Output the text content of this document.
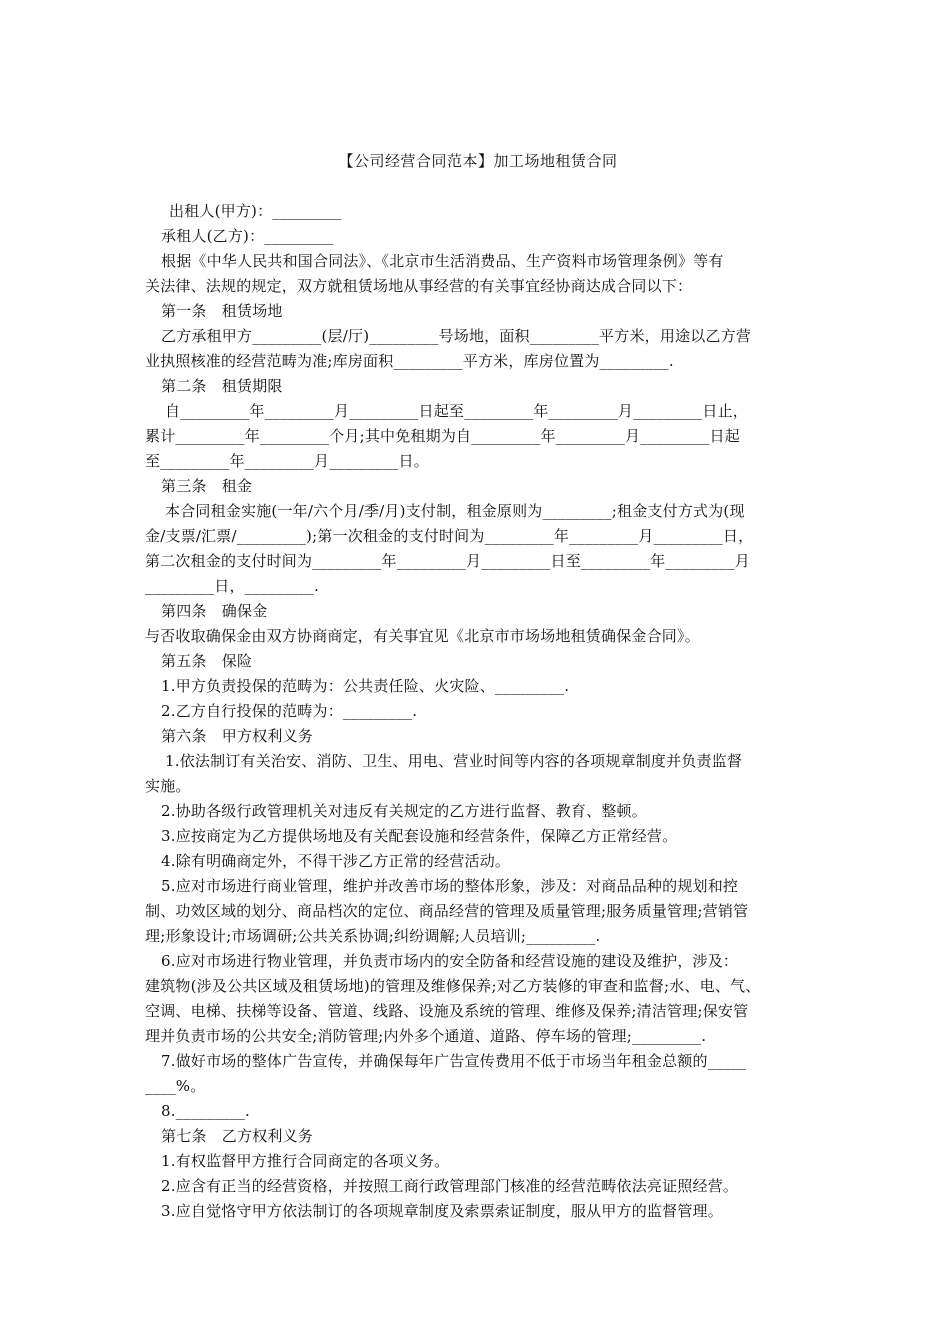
【公司经营合同范本】加工场地租赁合同
出租人(甲方)：_________
承租人(乙方)：_________
根据《中华人民共和国合同法》、《北京市生活消费品、生产资料市场管理条例》等有
关法律、法规的规定，双方就租赁场地从事经营的有关事宜经协商达成合同以下：
第一条　租赁场地
乙方承租甲方_________(层/厅)_________号场地，面积_________平方米，用途以乙方营
业执照核准的经营范畴为准;库房面积_________平方米，库房位置为_________.
第二条　租赁期限
自_________年_________月_________日起至_________年_________月_________日止，
累计_________年_________个月;其中免租期为自_________年_________月_________日起
至_________年_________月_________日。
第三条　租金
本合同租金实施(一年/六个月/季/月)支付制，租金原则为_________;租金支付方式为(现
金/支票/汇票/_________);第一次租金的支付时间为_________年_________月_________日，
第二次租金的支付时间为_________年_________月_________日至_________年_________月
_________日，_________.
第四条　确保金
与否收取确保金由双方协商商定，有关事宜见《北京市市场场地租赁确保金合同》。
第五条　保险
1.甲方负责投保的范畴为：公共责任险、火灾险、_________.
2.乙方自行投保的范畴为：_________.
第六条　甲方权利义务
1.依法制订有关治安、消防、卫生、用电、营业时间等内容的各项规章制度并负责监督
实施。
2.协助各级行政管理机关对违反有关规定的乙方进行监督、教育、整顿。
3.应按商定为乙方提供场地及有关配套设施和经营条件，保障乙方正常经营。
4.除有明确商定外，不得干涉乙方正常的经营活动。
5.应对市场进行商业管理，维护并改善市场的整体形象，涉及：对商品品种的规划和控
制、功效区域的划分、商品档次的定位、商品经营的管理及质量管理;服务质量管理;营销管
理;形象设计;市场调研;公共关系协调;纠纷调解;人员培训;_________.
6.应对市场进行物业管理，并负责市场内的安全防备和经营设施的建设及维护，涉及：
建筑物(涉及公共区域及租赁场地)的管理及维修保养;对乙方装修的审查和监督;水、电、气、
空调、电梯、扶梯等设备、管道、线路、设施及系统的管理、维修及保养;清洁管理;保安管
理并负责市场的公共安全;消防管理;内外多个通道、道路、停车场的管理;_________.
7.做好市场的整体广告宣传，并确保每年广告宣传费用不低于市场当年租金总额的_____
____%。
8._________.
第七条　乙方权利义务
1.有权监督甲方推行合同商定的各项义务。
2.应含有正当的经营资格，并按照工商行政管理部门核准的经营范畴依法亮证照经营。
3.应自觉恪守甲方依法制订的各项规章制度及索票索证制度，服从甲方的监督管理。
